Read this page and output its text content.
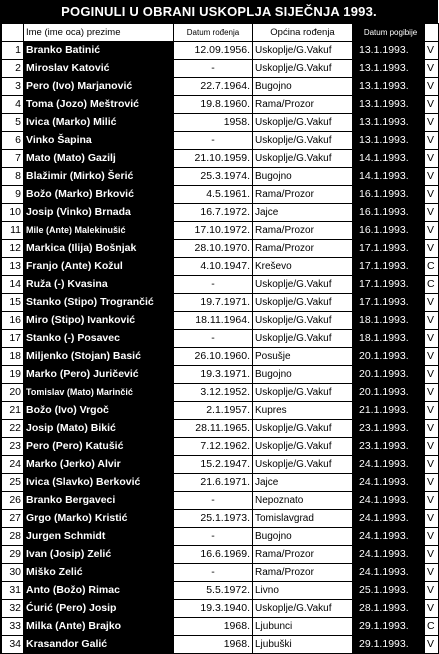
POGINULI U OBRANI USKOPLJA SIJEČNJA 1993.
	Ime (ime oca) prezime	Datum rođenja	Općina rođenja	Datum pogibije	
1	Branko Batinić	12.09.1956.	Uskoplje/G.Vakuf	13.1.1993.	V
2	Miroslav Katović	-	Uskoplje/G.Vakuf	13.1.1993.	V
3	Pero (Ivo) Marjanović	22.7.1964.	Bugojno	13.1.1993.	V
4	Toma (Jozo) Meštrović	19.8.1960.	Rama/Prozor	13.1.1993.	V
5	Ivica (Marko) Milić	1958.	Uskoplje/G.Vakuf	13.1.1993.	V
6	Vinko Šapina	-	Uskoplje/G.Vakuf	13.1.1993.	V
7	Mato (Mato) Gazilj	21.10.1959.	Uskoplje/G.Vakuf	14.1.1993.	V
8	Blažimir (Mirko) Šerić	25.3.1974.	Bugojno	14.1.1993.	V
9	Božo (Marko) Brković	4.5.1961.	Rama/Prozor	16.1.1993.	V
10	Josip (Vinko) Brnada	16.7.1972.	Jajce	16.1.1993.	V
11	Mile (Ante) Malekinušić	17.10.1972.	Rama/Prozor	16.1.1993.	V
12	Markica (Ilija) Bošnjak	28.10.1970.	Rama/Prozor	17.1.1993.	V
13	Franjo (Ante) Kožul	4.10.1947.	Kreševo	17.1.1993.	C
14	Ruža (-) Kvasina	-	Uskoplje/G.Vakuf	17.1.1993.	C
15	Stanko (Stipo) Trogrančić	19.7.1971.	Uskoplje/G.Vakuf	17.1.1993.	V
16	Miro (Stipo) Ivanković	18.11.1964.	Uskoplje/G.Vakuf	18.1.1993.	V
17	Stanko (-) Posavec	-	Uskoplje/G.Vakuf	18.1.1993.	V
18	Miljenko (Stojan) Basić	26.10.1960.	Posušje	20.1.1993.	V
19	Marko (Pero) Juričević	19.3.1971.	Bugojno	20.1.1993.	V
20	Tomislav (Mato) Marinčić	3.12.1952.	Uskoplje/G.Vakuf	20.1.1993.	V
21	Božo (Ivo) Vrgoč	2.1.1957.	Kupres	21.1.1993.	V
22	Josip (Mato) Bikić	28.11.1965.	Uskoplje/G.Vakuf	23.1.1993.	V
23	Pero (Pero) Katušić	7.12.1962.	Uskoplje/G.Vakuf	23.1.1993.	V
24	Marko (Jerko) Alvir	15.2.1947.	Uskoplje/G.Vakuf	24.1.1993.	V
25	Ivica (Slavko) Berković	21.6.1971.	Jajce	24.1.1993.	V
26	Branko Bergaveci	-	Nepoznato	24.1.1993.	V
27	Grgo (Marko) Kristić	25.1.1973.	Tomislavgrad	24.1.1993.	V
28	Jurgen Schmidt	-	Bugojno	24.1.1993.	V
29	Ivan (Josip) Zelić	16.6.1969.	Rama/Prozor	24.1.1993.	V
30	Miško Zelić	-	Rama/Prozor	24.1.1993.	V
31	Anto (Božo) Rimac	5.5.1972.	Livno	25.1.1993.	V
32	Ćurić (Pero) Josip	19.3.1940.	Uskoplje/G.Vakuf	28.1.1993.	V
33	Milka (Ante) Brajko	1968.	Ljubunci	29.1.1993.	C
34	Krasandor Galić	1968.	Ljubuški	29.1.1993.	V
